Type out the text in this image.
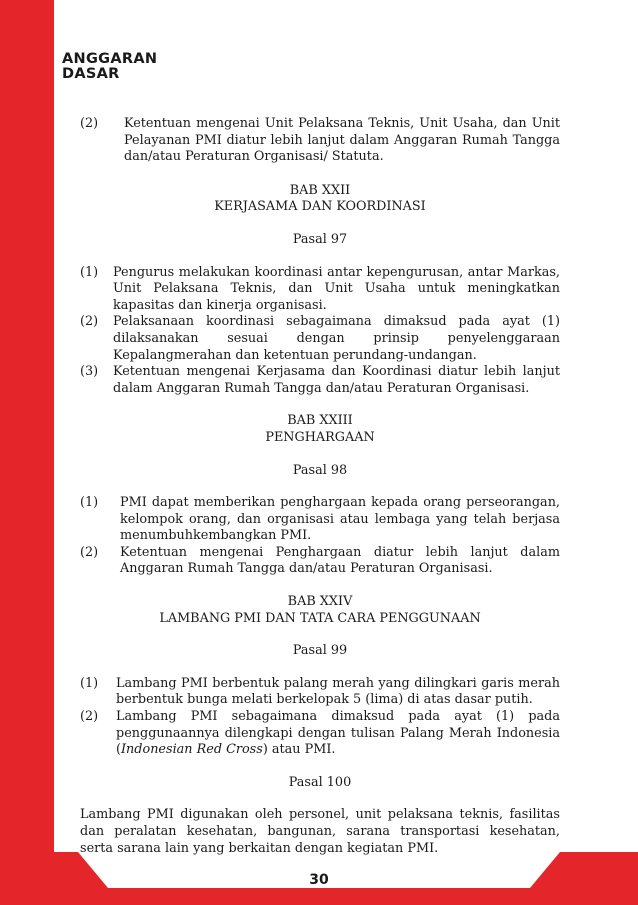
ANGGARAN
DASAR
(2)	Ketentuan mengenai Unit Pelaksana Teknis, Unit Usaha, dan Unit Pelayanan PMI diatur lebih lanjut dalam Anggaran Rumah Tangga dan/atau Peraturan Organisasi/ Statuta.
BAB XXII
KERJASAMA DAN KOORDINASI
Pasal 97
(1)	Pengurus melakukan koordinasi antar kepengurusan, antar Markas, Unit Pelaksana Teknis, dan Unit Usaha untuk meningkatkan kapasitas dan kinerja organisasi.
(2)	Pelaksanaan koordinasi sebagaimana dimaksud pada ayat (1) dilaksanakan sesuai dengan prinsip penyelenggaraan Kepalangmerahan dan ketentuan perundang-undangan.
(3)	Ketentuan mengenai Kerjasama dan Koordinasi diatur lebih lanjut dalam Anggaran Rumah Tangga dan/atau Peraturan Organisasi.
BAB XXIII
PENGHARGAAN
Pasal 98
(1)	PMI dapat memberikan penghargaan kepada orang perseorangan, kelompok orang, dan organisasi atau lembaga yang telah berjasa menumbuhkembangkan PMI.
(2)	Ketentuan mengenai Penghargaan diatur lebih lanjut dalam Anggaran Rumah Tangga dan/atau Peraturan Organisasi.
BAB XXIV
LAMBANG PMI DAN TATA CARA PENGGUNAAN
Pasal 99
(1)	Lambang PMI berbentuk palang merah yang dilingkari garis merah berbentuk bunga melati berkelopak 5 (lima) di atas dasar putih.
(2)	Lambang PMI sebagaimana dimaksud pada ayat (1) pada penggunaannya dilengkapi dengan tulisan Palang Merah Indonesia (Indonesian Red Cross) atau PMI.
Pasal 100

Lambang PMI digunakan oleh personel, unit pelaksana teknis, fasilitas dan peralatan kesehatan, bangunan, sarana transportasi kesehatan, serta sarana lain yang berkaitan dengan kegiatan PMI.

30
